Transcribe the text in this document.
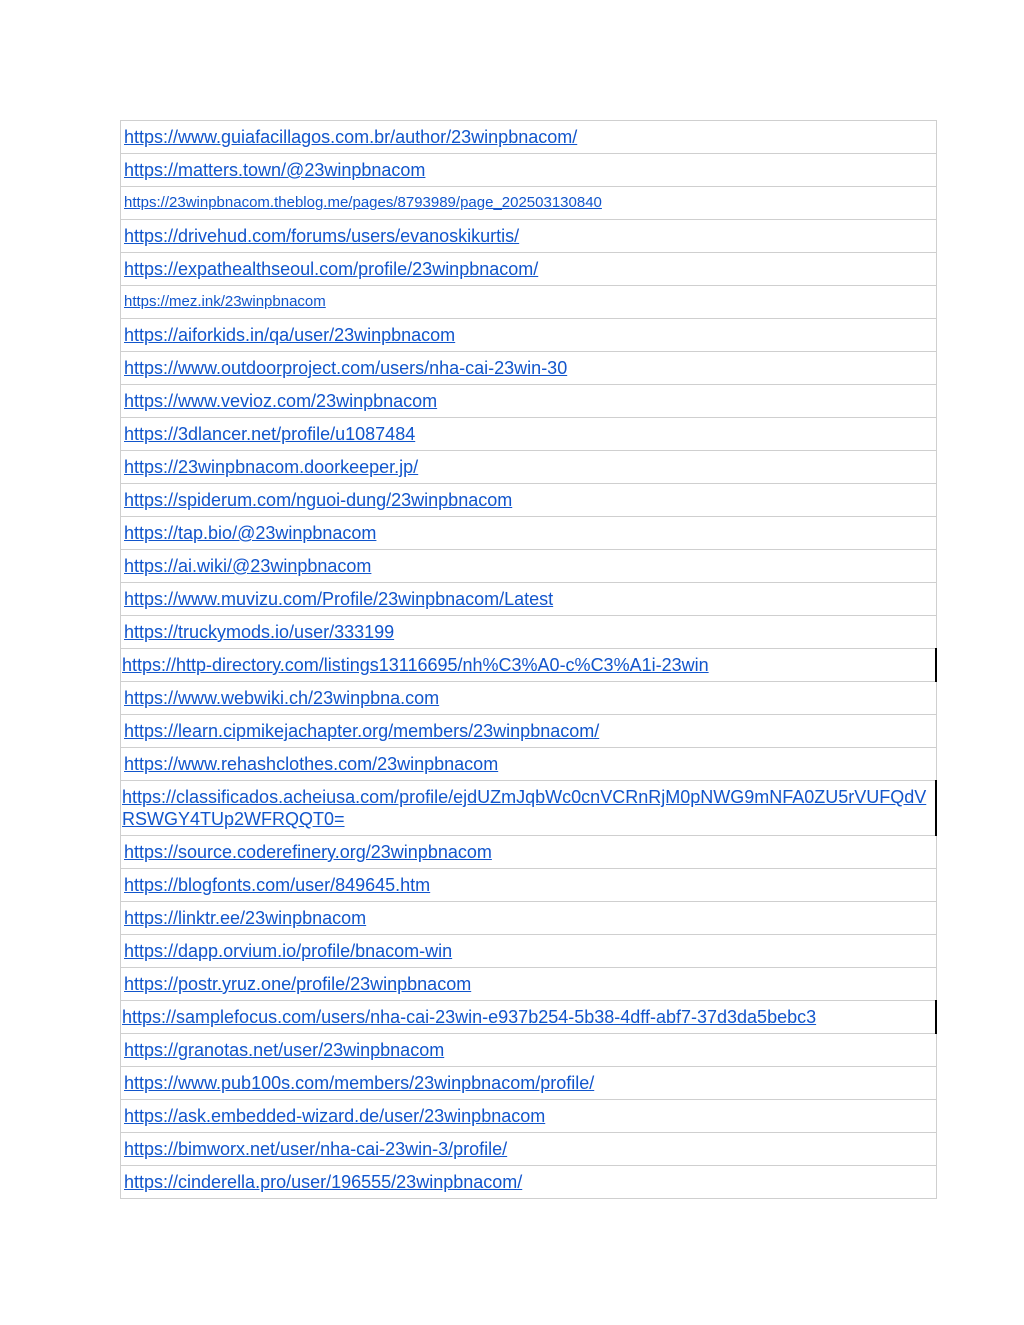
https://www.guiafacillagos.com.br/author/23winpbnacom/
https://matters.town/@23winpbnacom
https://23winpbnacom.theblog.me/pages/8793989/page_202503130840
https://drivehud.com/forums/users/evanoskikurtis/
https://expathealthseoul.com/profile/23winpbnacom/
https://mez.ink/23winpbnacom
https://aiforkids.in/qa/user/23winpbnacom
https://www.outdoorproject.com/users/nha-cai-23win-30
https://www.vevioz.com/23winpbnacom
https://3dlancer.net/profile/u1087484
https://23winpbnacom.doorkeeper.jp/
https://spiderum.com/nguoi-dung/23winpbnacom
https://tap.bio/@23winpbnacom
https://ai.wiki/@23winpbnacom
https://www.muvizu.com/Profile/23winpbnacom/Latest
https://truckymods.io/user/333199
https://http-directory.com/listings13116695/nh%C3%A0-c%C3%A1i-23win
https://www.webwiki.ch/23winpbna.com
https://learn.cipmikejachapter.org/members/23winpbnacom/
https://www.rehashclothes.com/23winpbnacom
https://classificados.acheiusa.com/profile/ejdUZmJqbWc0cnVCRnRjM0pNWG9mNFA0ZU5rVUFQdVRSWGY4TUp2WFRQQT0=
https://source.coderefinery.org/23winpbnacom
https://blogfonts.com/user/849645.htm
https://linktr.ee/23winpbnacom
https://dapp.orvium.io/profile/bnacom-win
https://postr.yruz.one/profile/23winpbnacom
https://samplefocus.com/users/nha-cai-23win-e937b254-5b38-4dff-abf7-37d3da5bebc3
https://granotas.net/user/23winpbnacom
https://www.pub100s.com/members/23winpbnacom/profile/
https://ask.embedded-wizard.de/user/23winpbnacom
https://bimworx.net/user/nha-cai-23win-3/profile/
https://cinderella.pro/user/196555/23winpbnacom/
